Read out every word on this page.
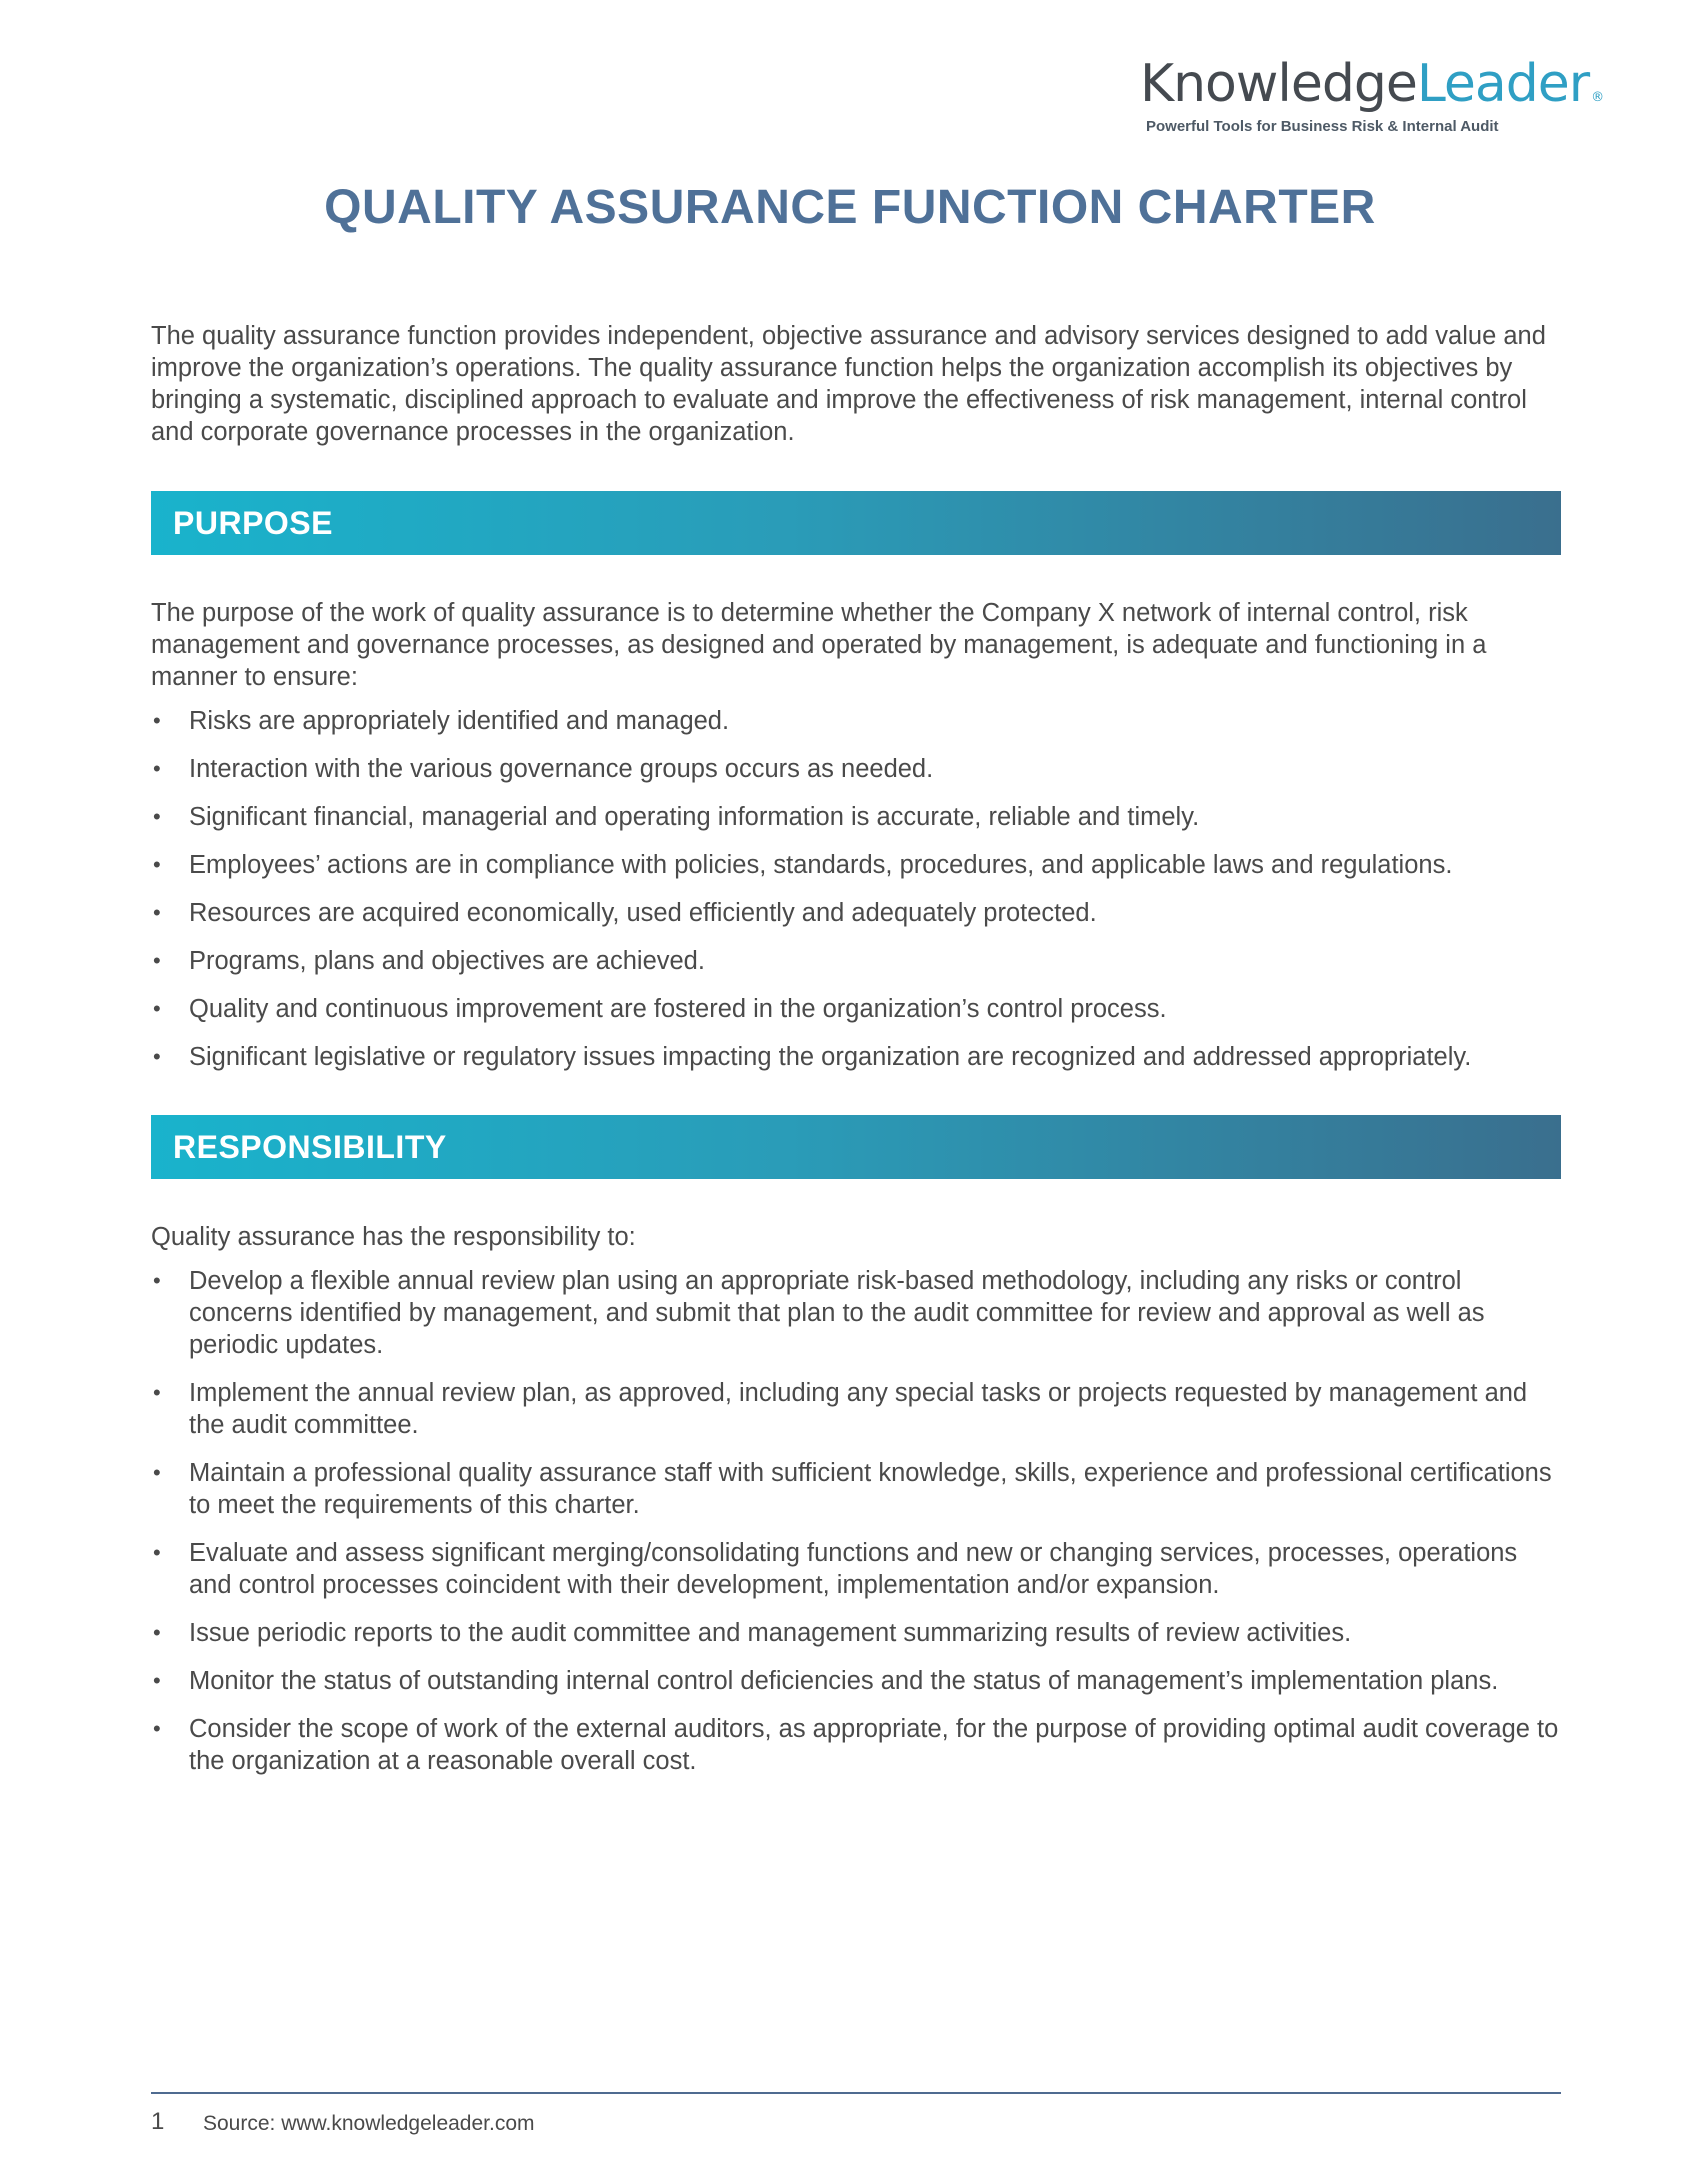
KnowledgeLeader ®
Powerful Tools for Business Risk & Internal Audit
QUALITY ASSURANCE FUNCTION CHARTER

The quality assurance function provides independent, objective assurance and advisory services designed to add value and improve the organization’s operations. The quality assurance function helps the organization accomplish its objectives by bringing a systematic, disciplined approach to evaluate and improve the effectiveness of risk management, internal control and corporate governance processes in the organization.

PURPOSE

The purpose of the work of quality assurance is to determine whether the Company X network of internal control, risk management and governance processes, as designed and operated by management, is adequate and functioning in a manner to ensure:

• Risks are appropriately identified and managed.
• Interaction with the various governance groups occurs as needed.
• Significant financial, managerial and operating information is accurate, reliable and timely.
• Employees’ actions are in compliance with policies, standards, procedures, and applicable laws and regulations.
• Resources are acquired economically, used efficiently and adequately protected.
• Programs, plans and objectives are achieved.
• Quality and continuous improvement are fostered in the organization’s control process.
• Significant legislative or regulatory issues impacting the organization are recognized and addressed appropriately.
RESPONSIBILITY

Quality assurance has the responsibility to:

• Develop a flexible annual review plan using an appropriate risk-based methodology, including any risks or control concerns identified by management, and submit that plan to the audit committee for review and approval as well as periodic updates.
• Implement the annual review plan, as approved, including any special tasks or projects requested by management and the audit committee.
• Maintain a professional quality assurance staff with sufficient knowledge, skills, experience and professional certifications to meet the requirements of this charter.
• Evaluate and assess significant merging/consolidating functions and new or changing services, processes, operations and control processes coincident with their development, implementation and/or expansion.
• Issue periodic reports to the audit committee and management summarizing results of review activities.
• Monitor the status of outstanding internal control deficiencies and the status of management’s implementation plans.
• Consider the scope of work of the external auditors, as appropriate, for the purpose of providing optimal audit coverage to the organization at a reasonable overall cost.
1 Source: www.knowledgeleader.com
